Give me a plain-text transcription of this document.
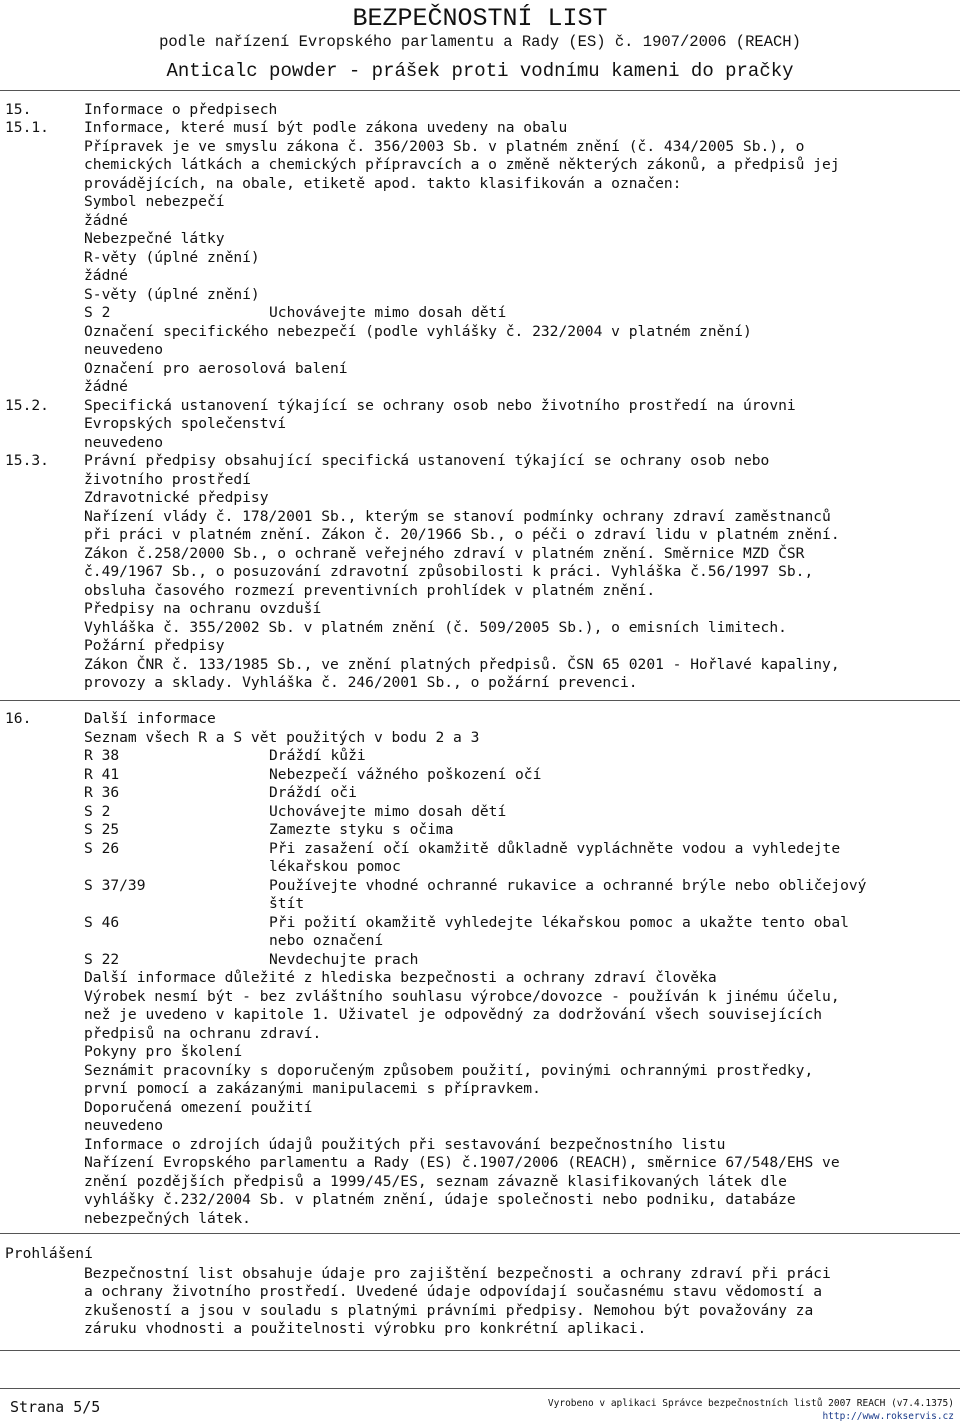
BEZPEČNOSTNÍ LIST
podle nařízení Evropského parlamentu a Rady (ES) č. 1907/2006 (REACH)
Anticalc powder - prášek proti vodnímu kameni do pračky
15.	Informace o předpisech
15.1. Informace, které musí být podle zákona uvedeny na obalu
Přípravek je ve smyslu zákona č. 356/2003 Sb. v platném znění (č. 434/2005 Sb.), o
chemických látkách a chemických přípravcích a o změně některých zákonů, a předpisů jej
provádějících, na obale, etiketě apod. takto klasifikován a označen:
Symbol nebezpečí
žádné
Nebezpečné látky
R-věty (úplné znění)
žádné
S-věty (úplné znění)
S 2	Uchovávejte mimo dosah dětí
Označení specifického nebezpečí (podle vyhlášky č. 232/2004 v platném znění)
neuvedeno
Označení pro aerosolová balení
žádné
15.2. Specifická ustanovení týkající se ochrany osob nebo životního prostředí na úrovni
Evropských společenství
neuvedeno
15.3. Právní předpisy obsahující specifická ustanovení týkající se ochrany osob nebo
životního prostředí
Zdravotnické předpisy
Nařízení vlády č. 178/2001 Sb., kterým se stanoví podmínky ochrany zdraví zaměstnanců
při práci v platném znění. Zákon č. 20/1966 Sb., o péči o zdraví lidu v platném znění.
Zákon č.258/2000 Sb., o ochraně veřejného zdraví v platném znění. Směrnice MZD ČSR
č.49/1967 Sb., o posuzování zdravotní způsobilosti k práci. Vyhláška č.56/1997 Sb.,
obsluha časového rozmezí preventivních prohlídek v platném znění.
Předpisy na ochranu ovzduší
Vyhláška č. 355/2002 Sb. v platném znění (č. 509/2005 Sb.), o emisních limitech.
Požární předpisy
Zákon ČNR č. 133/1985 Sb., ve znění platných předpisů. ČSN 65 0201 - Hořlavé kapaliny,
provozy a sklady. Vyhláška č. 246/2001 Sb., o požární prevenci.
16.	Další informace
Seznam všech R a S vět použitých v bodu 2 a 3
R 38	Dráždí kůži
R 41	Nebezpečí vážného poškození očí
R 36	Dráždí oči
S 2	Uchovávejte mimo dosah dětí
S 25	Zamezte styku s očima
S 26	Při zasažení očí okamžitě důkladně vypláchněte vodou a vyhledejte
lékařskou pomoc
S 37/39	Používejte vhodné ochranné rukavice a ochranné brýle nebo obličejový
štít
S 46	Při požití okamžitě vyhledejte lékařskou pomoc a ukažte tento obal
nebo označení
S 22	Nevdechujte prach
Další informace důležité z hlediska bezpečnosti a ochrany zdraví člověka
Výrobek nesmí být - bez zvláštního souhlasu výrobce/dovozce - používán k jinému účelu,
než je uvedeno v kapitole 1. Uživatel je odpovědný za dodržování všech souvisejících
předpisů na ochranu zdraví.
Pokyny pro školení
Seznámit pracovníky s doporučeným způsobem použití, povinými ochrannými prostředky,
první pomocí a zakázanými manipulacemi s přípravkem.
Doporučená omezení použití
neuvedeno
Informace o zdrojích údajů použitých při sestavování bezpečnostního listu
Nařízení Evropského parlamentu a Rady (ES) č.1907/2006 (REACH), směrnice 67/548/EHS ve
znění pozdějších předpisů a 1999/45/ES, seznam závazně klasifikovaných látek dle
vyhlášky č.232/2004 Sb. v platném znění, údaje společnosti nebo podniku, databáze
nebezpečných látek.
Prohlášení
Bezpečnostní list obsahuje údaje pro zajištění bezpečnosti a ochrany zdraví při práci
a ochrany životního prostředí. Uvedené údaje odpovídají současnému stavu vědomostí a
zkušeností a jsou v souladu s platnými právními předpisy. Nemohou být považovány za
záruku vhodnosti a použitelnosti výrobku pro konkrétní aplikaci.
Strana 5/5	Vyrobeno v aplikaci Správce bezpečnostních listů 2007 REACH (v7.4.1375)
http://www.rokservis.cz
